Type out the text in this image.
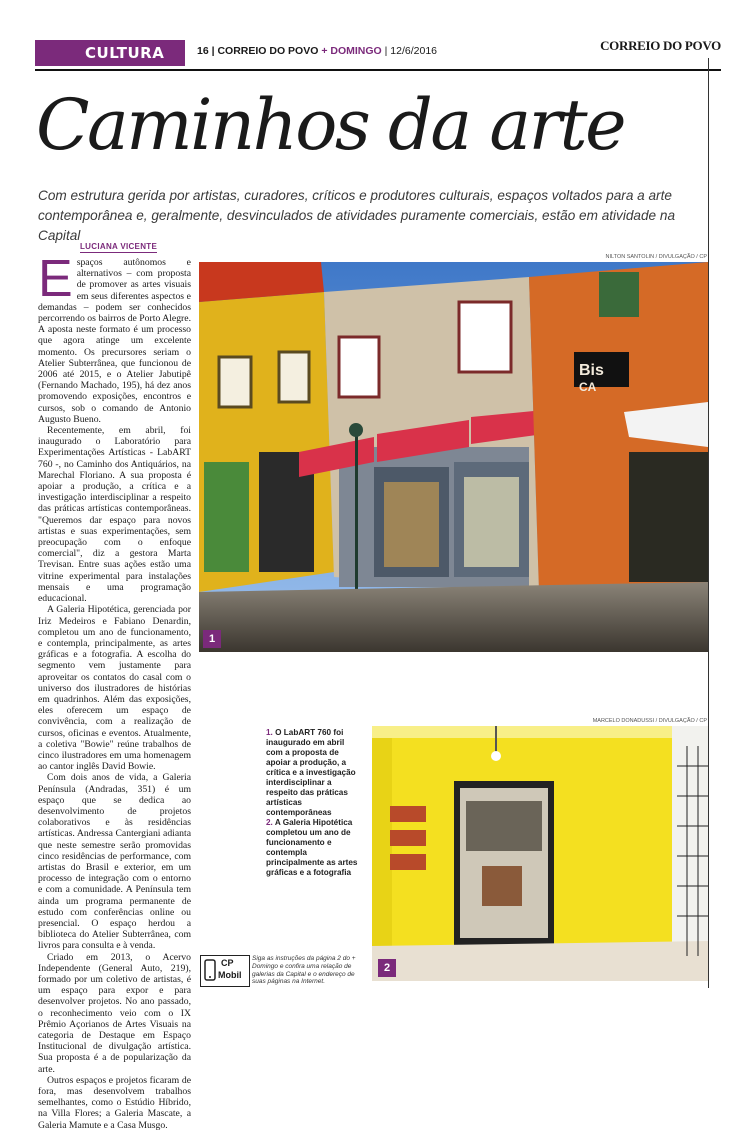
CULTURA	16 | CORREIO DO POVO + DOMINGO | 12/6/2016	CORREIO DO POVO
Caminhos da arte
Com estrutura gerida por artistas, curadores, críticos e produtores culturais, espaços voltados para a arte contemporânea e, geralmente, desvinculados de atividades puramente comerciais, estão em atividade na Capital
LUCIANA VICENTE

Espaços autônomos e alternativos – com proposta de promover as artes visuais em seus diferentes aspectos e demandas – podem ser conhecidos percorrendo os bairros de Porto Alegre. A aposta neste formato é um processo que agora atinge um excelente momento. Os precursores seriam o Atelier Subterrânea, que funcionou de 2006 até 2015, e o Atelier Jabutipê (Fernando Machado, 195), há dez anos promovendo exposições, encontros e cursos, sob o comando de Antonio Augusto Bueno.

Recentemente, em abril, foi inaugurado o Laboratório para Experimentações Artísticas - LabART 760 -, no Caminho dos Antiquários, na Marechal Floriano. A sua proposta é apoiar a produção, a crítica e a investigação interdisciplinar a respeito das práticas artísticas contemporâneas. "Queremos dar espaço para novos artistas e suas experimentações, sem preocupação com o enfoque comercial", diz a gestora Marta Trevisan. Entre suas ações estão uma vitrine experimental para instalações mensais e uma programação educacional.

A Galeria Hipotética, gerenciada por Iriz Medeiros e Fabiano Denardin, completou um ano de funcionamento, e contempla, principalmente, as artes gráficas e a fotografia. A escolha do segmento vem justamente para aproveitar os contatos do casal com o universo dos ilustradores de histórias em quadrinhos. Além das exposições, eles oferecem um espaço de convivência, com a realização de cursos, oficinas e eventos. Atualmente, a coletiva "Bowie" reúne trabalhos de cinco ilustradores em uma homenagem ao cantor inglês David Bowie.

Com dois anos de vida, a Galeria Península (Andradas, 351) é um espaço que se dedica ao desenvolvimento de projetos colaborativos e às residências artísticas. Andressa Cantergiani adianta que neste semestre serão promovidas cinco residências de performance, com artistas do Brasil e exterior, em um processo de integração com o entorno e com a comunidade. A Península tem ainda um programa permanente de estudo com conferências online ou presencial. O espaço herdou a biblioteca do Atelier Subterrânea, com livros para consulta e à venda.

Criado em 2013, o Acervo Independente (General Auto, 219), formado por um coletivo de artistas, é um espaço para expor e para desenvolver projetos. No ano passado, o reconhecimento veio com o IX Prêmio Açorianos de Artes Visuais na categoria de Destaque em Espaço Institucional de divulgação artística. Sua proposta é a de popularização da arte.

Outros espaços e projetos ficaram de fora, mas desenvolvem trabalhos semelhantes, como o Estúdio Híbrido, na Villa Flores; a Galeria Mascate, a Galeria Mamute e a Casa Musgo.

NILTON SANTOLIN / DIVULGAÇÃO / CP
Bis
CA
1
MARCELO DONADUSSI / DIVULGAÇÃO / CP
2
1. O LabART 760 foi inaugurado em abril com a proposta de apoiar a produção, a crítica e a investigação interdisciplinar a respeito das práticas artísticas contemporâneas
2. A Galeria Hipotética completou um ano de funcionamento e contempla principalmente as artes gráficas e a fotografia
CP
Mobil
Siga as instruções da página 2 do + Domingo e confira uma relação de galerias da Capital e o endereço de suas páginas na Internet.
